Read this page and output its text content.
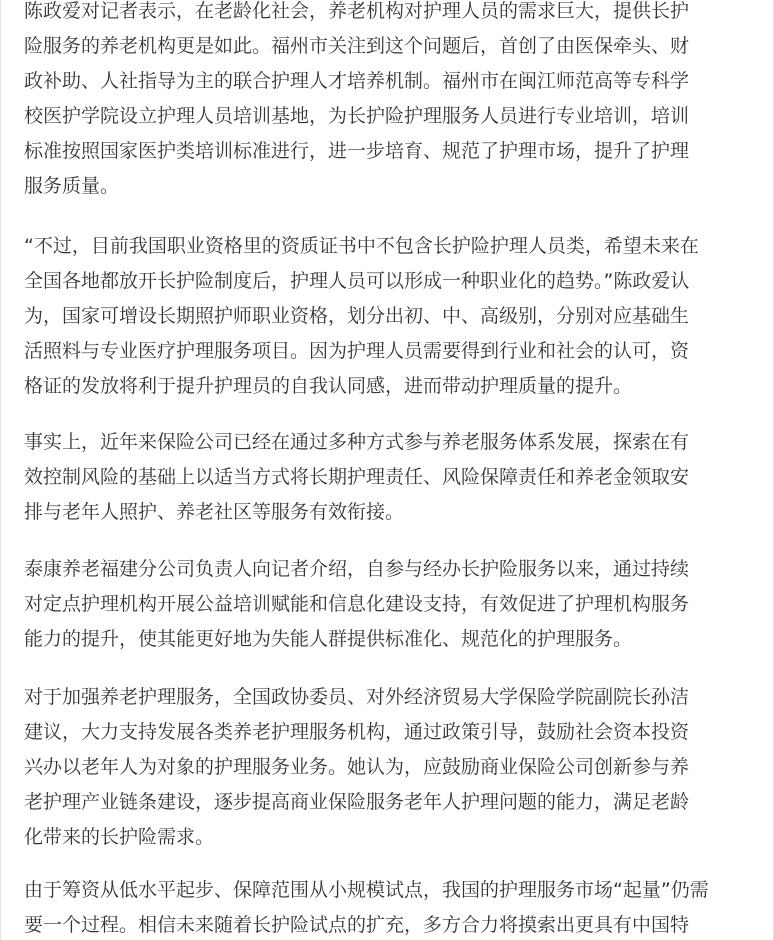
陈政爱对记者表示，在老龄化社会，养老机构对护理人员的需求巨大，提供长护
险服务的养老机构更是如此。福州市关注到这个问题后，首创了由医保牵头、财
政补助、人社指导为主的联合护理人才培养机制。福州市在闽江师范高等专科学
校医护学院设立护理人员培训基地，为长护险护理服务人员进行专业培训，培训
标准按照国家医护类培训标准进行，进一步培育、规范了护理市场，提升了护理
服务质量。

“不过，目前我国职业资格里的资质证书中不包含长护险护理人员类，希望未来在
全国各地都放开长护险制度后，护理人员可以形成一种职业化的趋势。”陈政爱认
为，国家可增设长期照护师职业资格，划分出初、中、高级别，分别对应基础生
活照料与专业医疗护理服务项目。因为护理人员需要得到行业和社会的认可，资
格证的发放将利于提升护理员的自我认同感，进而带动护理质量的提升。

事实上，近年来保险公司已经在通过多种方式参与养老服务体系发展，探索在有
效控制风险的基础上以适当方式将长期护理责任、风险保障责任和养老金领取安
排与老年人照护、养老社区等服务有效衔接。

泰康养老福建分公司负责人向记者介绍，自参与经办长护险服务以来，通过持续
对定点护理机构开展公益培训赋能和信息化建设支持，有效促进了护理机构服务
能力的提升，使其能更好地为失能人群提供标准化、规范化的护理服务。

对于加强养老护理服务，全国政协委员、对外经济贸易大学保险学院副院长孙洁
建议，大力支持发展各类养老护理服务机构，通过政策引导，鼓励社会资本投资
兴办以老年人为对象的护理服务业务。她认为，应鼓励商业保险公司创新参与养
老护理产业链条建设，逐步提高商业保险服务老年人护理问题的能力，满足老龄
化带来的长护险需求。

由于筹资从低水平起步、保障范围从小规模试点，我国的护理服务市场“起量”仍需
要一个过程。相信未来随着长护险试点的扩充，多方合力将摸索出更具有中国特
